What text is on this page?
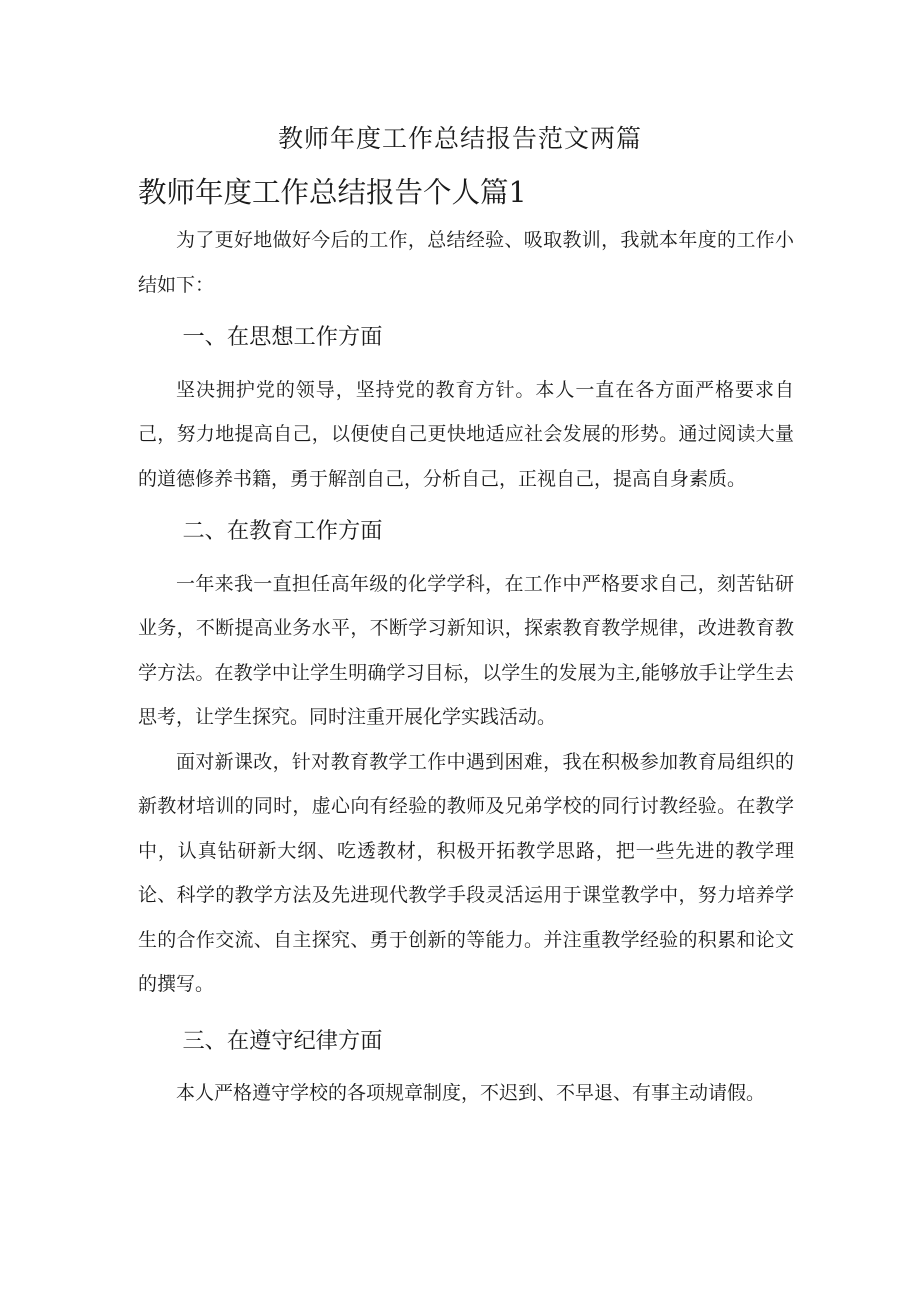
教师年度工作总结报告范文两篇
教师年度工作总结报告个人篇1

为了更好地做好今后的工作，总结经验、吸取教训，我就本年度的工作小结如下：

一、在思想工作方面

坚决拥护党的领导，坚持党的教育方针。本人一直在各方面严格要求自己，努力地提高自己，以便使自己更快地适应社会发展的形势。通过阅读大量的道德修养书籍，勇于解剖自己，分析自己，正视自己，提高自身素质。

二、在教育工作方面

一年来我一直担任高年级的化学学科，在工作中严格要求自己，刻苦钻研业务，不断提高业务水平，不断学习新知识，探索教育教学规律，改进教育教学方法。在教学中让学生明确学习目标，以学生的发展为主,能够放手让学生去思考，让学生探究。同时注重开展化学实践活动。

面对新课改，针对教育教学工作中遇到困难，我在积极参加教育局组织的新教材培训的同时，虚心向有经验的教师及兄弟学校的同行讨教经验。在教学中，认真钻研新大纲、吃透教材，积极开拓教学思路，把一些先进的教学理论、科学的教学方法及先进现代教学手段灵活运用于课堂教学中，努力培养学生的合作交流、自主探究、勇于创新的等能力。并注重教学经验的积累和论文的撰写。

三、在遵守纪律方面

本人严格遵守学校的各项规章制度，不迟到、不早退、有事主动请假。
